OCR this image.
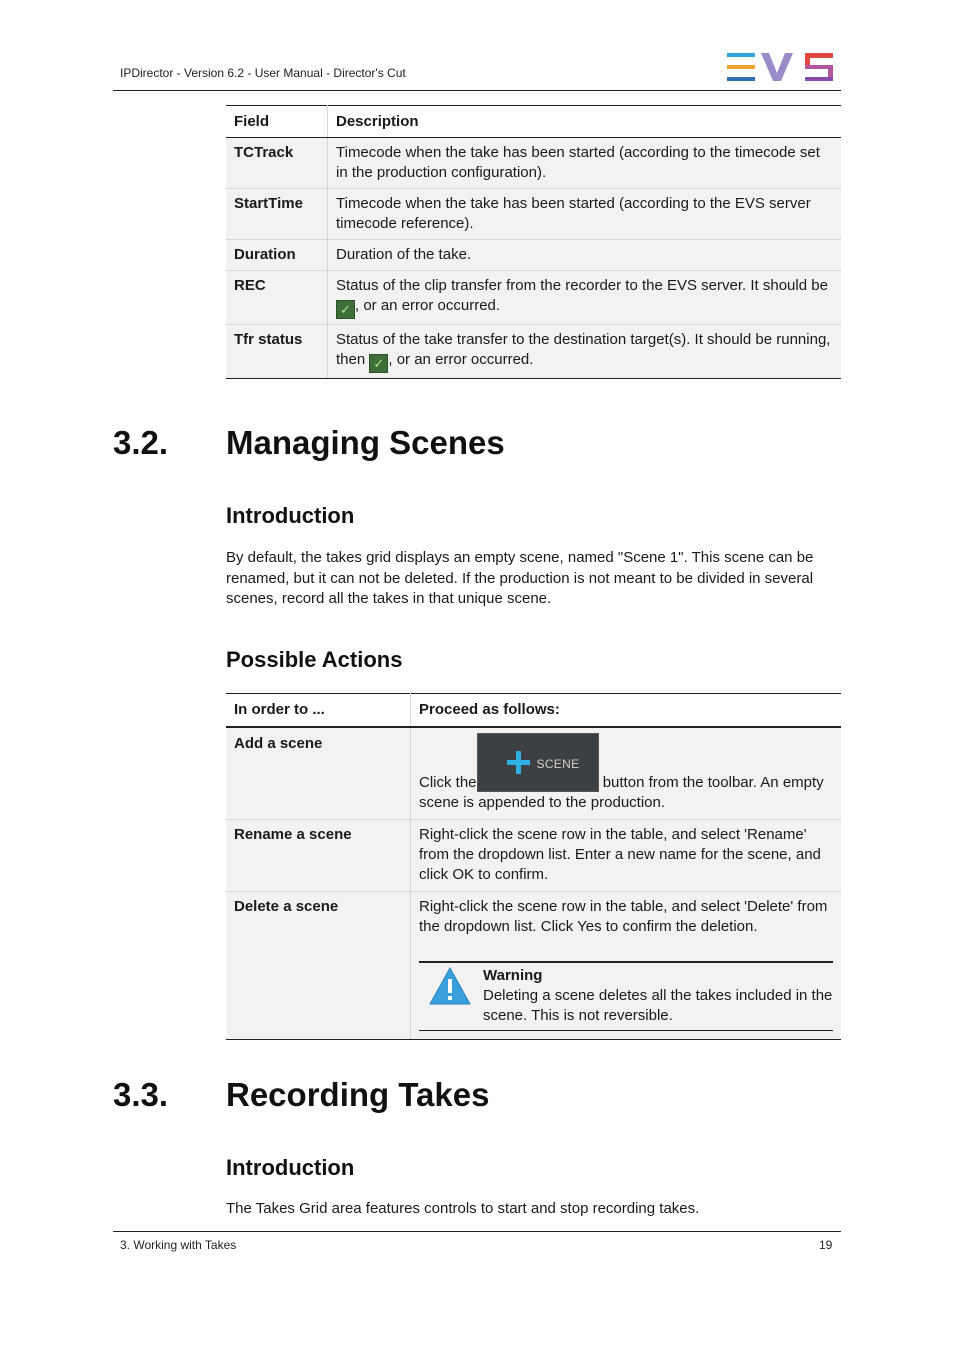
IPDirector - Version 6.2 - User Manual - Director's Cut
Field	Description
TCTrack	Timecode when the take has been started (according to the timecode set in the production configuration).
StartTime	Timecode when the take has been started (according to the EVS server timecode reference).
Duration	Duration of the take.
REC	Status of the clip transfer from the recorder to the EVS server. It should be ✓ , or an error occurred.
Tfr status	Status of the take transfer to the destination target(s). It should be running, then ✓ , or an error occurred.
3.2. Managing Scenes
Introduction
By default, the takes grid displays an empty scene, named "Scene 1". This scene can be renamed, but it can not be deleted. If the production is not meant to be divided in several scenes, record all the takes in that unique scene.
Possible Actions
In order to ...	Proceed as follows:
Add a scene	Click the
SCENE
button from the toolbar. An empty scene is appended to the production.
Rename a scene	Right-click the scene row in the table, and select 'Rename' from the dropdown list. Enter a new name for the scene, and click OK to confirm.
Delete a scene	Right-click the scene row in the table, and select 'Delete' from the dropdown list. Click Yes to confirm the deletion.
Warning
Deleting a scene deletes all the takes included in the scene. This is not reversible.
3.3. Recording Takes
Introduction
The Takes Grid area features controls to start and stop recording takes.
3. Working with Takes	19
